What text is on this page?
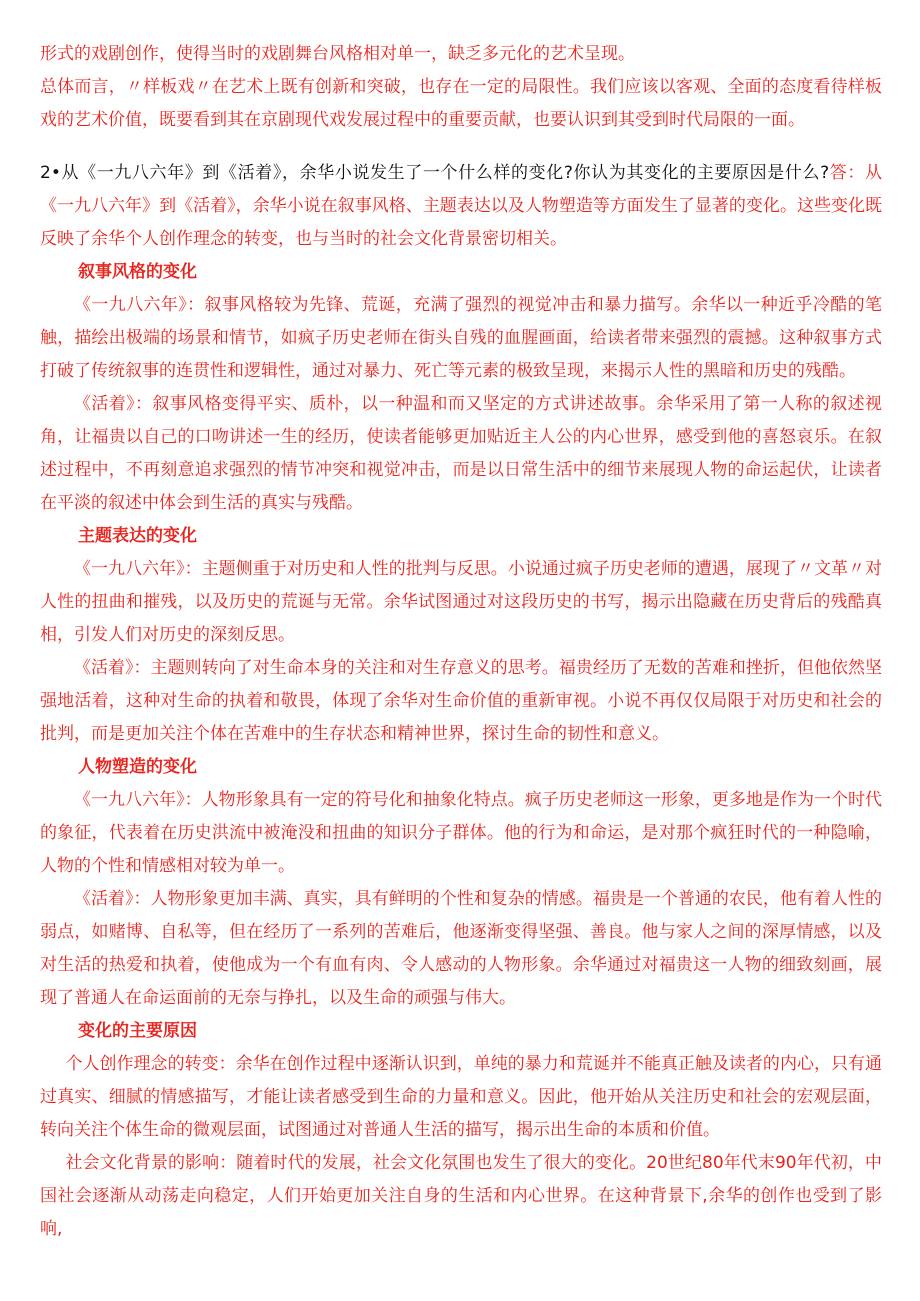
形式的戏剧创作，使得当时的戏剧舞台风格相对单一，缺乏多元化的艺术呈现。

总体而言，〃样板戏〃在艺术上既有创新和突破，也存在一定的局限性。我们应该以客观、全面的态度看待样板戏的艺术价值，既要看到其在京剧现代戏发展过程中的重要贡献，也要认识到其受到时代局限的一面。

2•从《一九八六年》到《活着》，余华小说发生了一个什么样的变化?你认为其变化的主要原因是什么?答：从《一九八六年》到《活着》，余华小说在叙事风格、主题表达以及人物塑造等方面发生了显著的变化。这些变化既反映了余华个人创作理念的转变，也与当时的社会文化背景密切相关。

叙事风格的变化

《一九八六年》：叙事风格较为先锋、荒诞，充满了强烈的视觉冲击和暴力描写。余华以一种近乎冷酷的笔触，描绘出极端的场景和情节，如疯子历史老师在街头自残的血腥画面，给读者带来强烈的震撼。这种叙事方式打破了传统叙事的连贯性和逻辑性，通过对暴力、死亡等元素的极致呈现，来揭示人性的黑暗和历史的残酷。

《活着》：叙事风格变得平实、质朴，以一种温和而又坚定的方式讲述故事。余华采用了第一人称的叙述视角，让福贵以自己的口吻讲述一生的经历，使读者能够更加贴近主人公的内心世界，感受到他的喜怒哀乐。在叙述过程中，不再刻意追求强烈的情节冲突和视觉冲击，而是以日常生活中的细节来展现人物的命运起伏，让读者在平淡的叙述中体会到生活的真实与残酷。

主题表达的变化

《一九八六年》：主题侧重于对历史和人性的批判与反思。小说通过疯子历史老师的遭遇，展现了〃文革〃对人性的扭曲和摧残，以及历史的荒诞与无常。余华试图通过对这段历史的书写，揭示出隐藏在历史背后的残酷真相，引发人们对历史的深刻反思。

《活着》：主题则转向了对生命本身的关注和对生存意义的思考。福贵经历了无数的苦难和挫折，但他依然坚强地活着，这种对生命的执着和敬畏，体现了余华对生命价值的重新审视。小说不再仅仅局限于对历史和社会的批判，而是更加关注个体在苦难中的生存状态和精神世界，探讨生命的韧性和意义。

人物塑造的变化

《一九八六年》：人物形象具有一定的符号化和抽象化特点。疯子历史老师这一形象，更多地是作为一个时代的象征，代表着在历史洪流中被淹没和扭曲的知识分子群体。他的行为和命运，是对那个疯狂时代的一种隐喻，人物的个性和情感相对较为单一。

《活着》：人物形象更加丰满、真实，具有鲜明的个性和复杂的情感。福贵是一个普通的农民，他有着人性的弱点，如赌博、自私等，但在经历了一系列的苦难后，他逐渐变得坚强、善良。他与家人之间的深厚情感，以及对生活的热爱和执着，使他成为一个有血有肉、令人感动的人物形象。余华通过对福贵这一人物的细致刻画，展现了普通人在命运面前的无奈与挣扎，以及生命的顽强与伟大。

变化的主要原因

个人创作理念的转变：余华在创作过程中逐渐认识到，单纯的暴力和荒诞并不能真正触及读者的内心，只有通过真实、细腻的情感描写，才能让读者感受到生命的力量和意义。因此，他开始从关注历史和社会的宏观层面，转向关注个体生命的微观层面，试图通过对普通人生活的描写，揭示出生命的本质和价值。

社会文化背景的影响：随着时代的发展，社会文化氛围也发生了很大的变化。20世纪80年代末90年代初，中国社会逐渐从动荡走向稳定，人们开始更加关注自身的生活和内心世界。在这种背景下,余华的创作也受到了影响,
